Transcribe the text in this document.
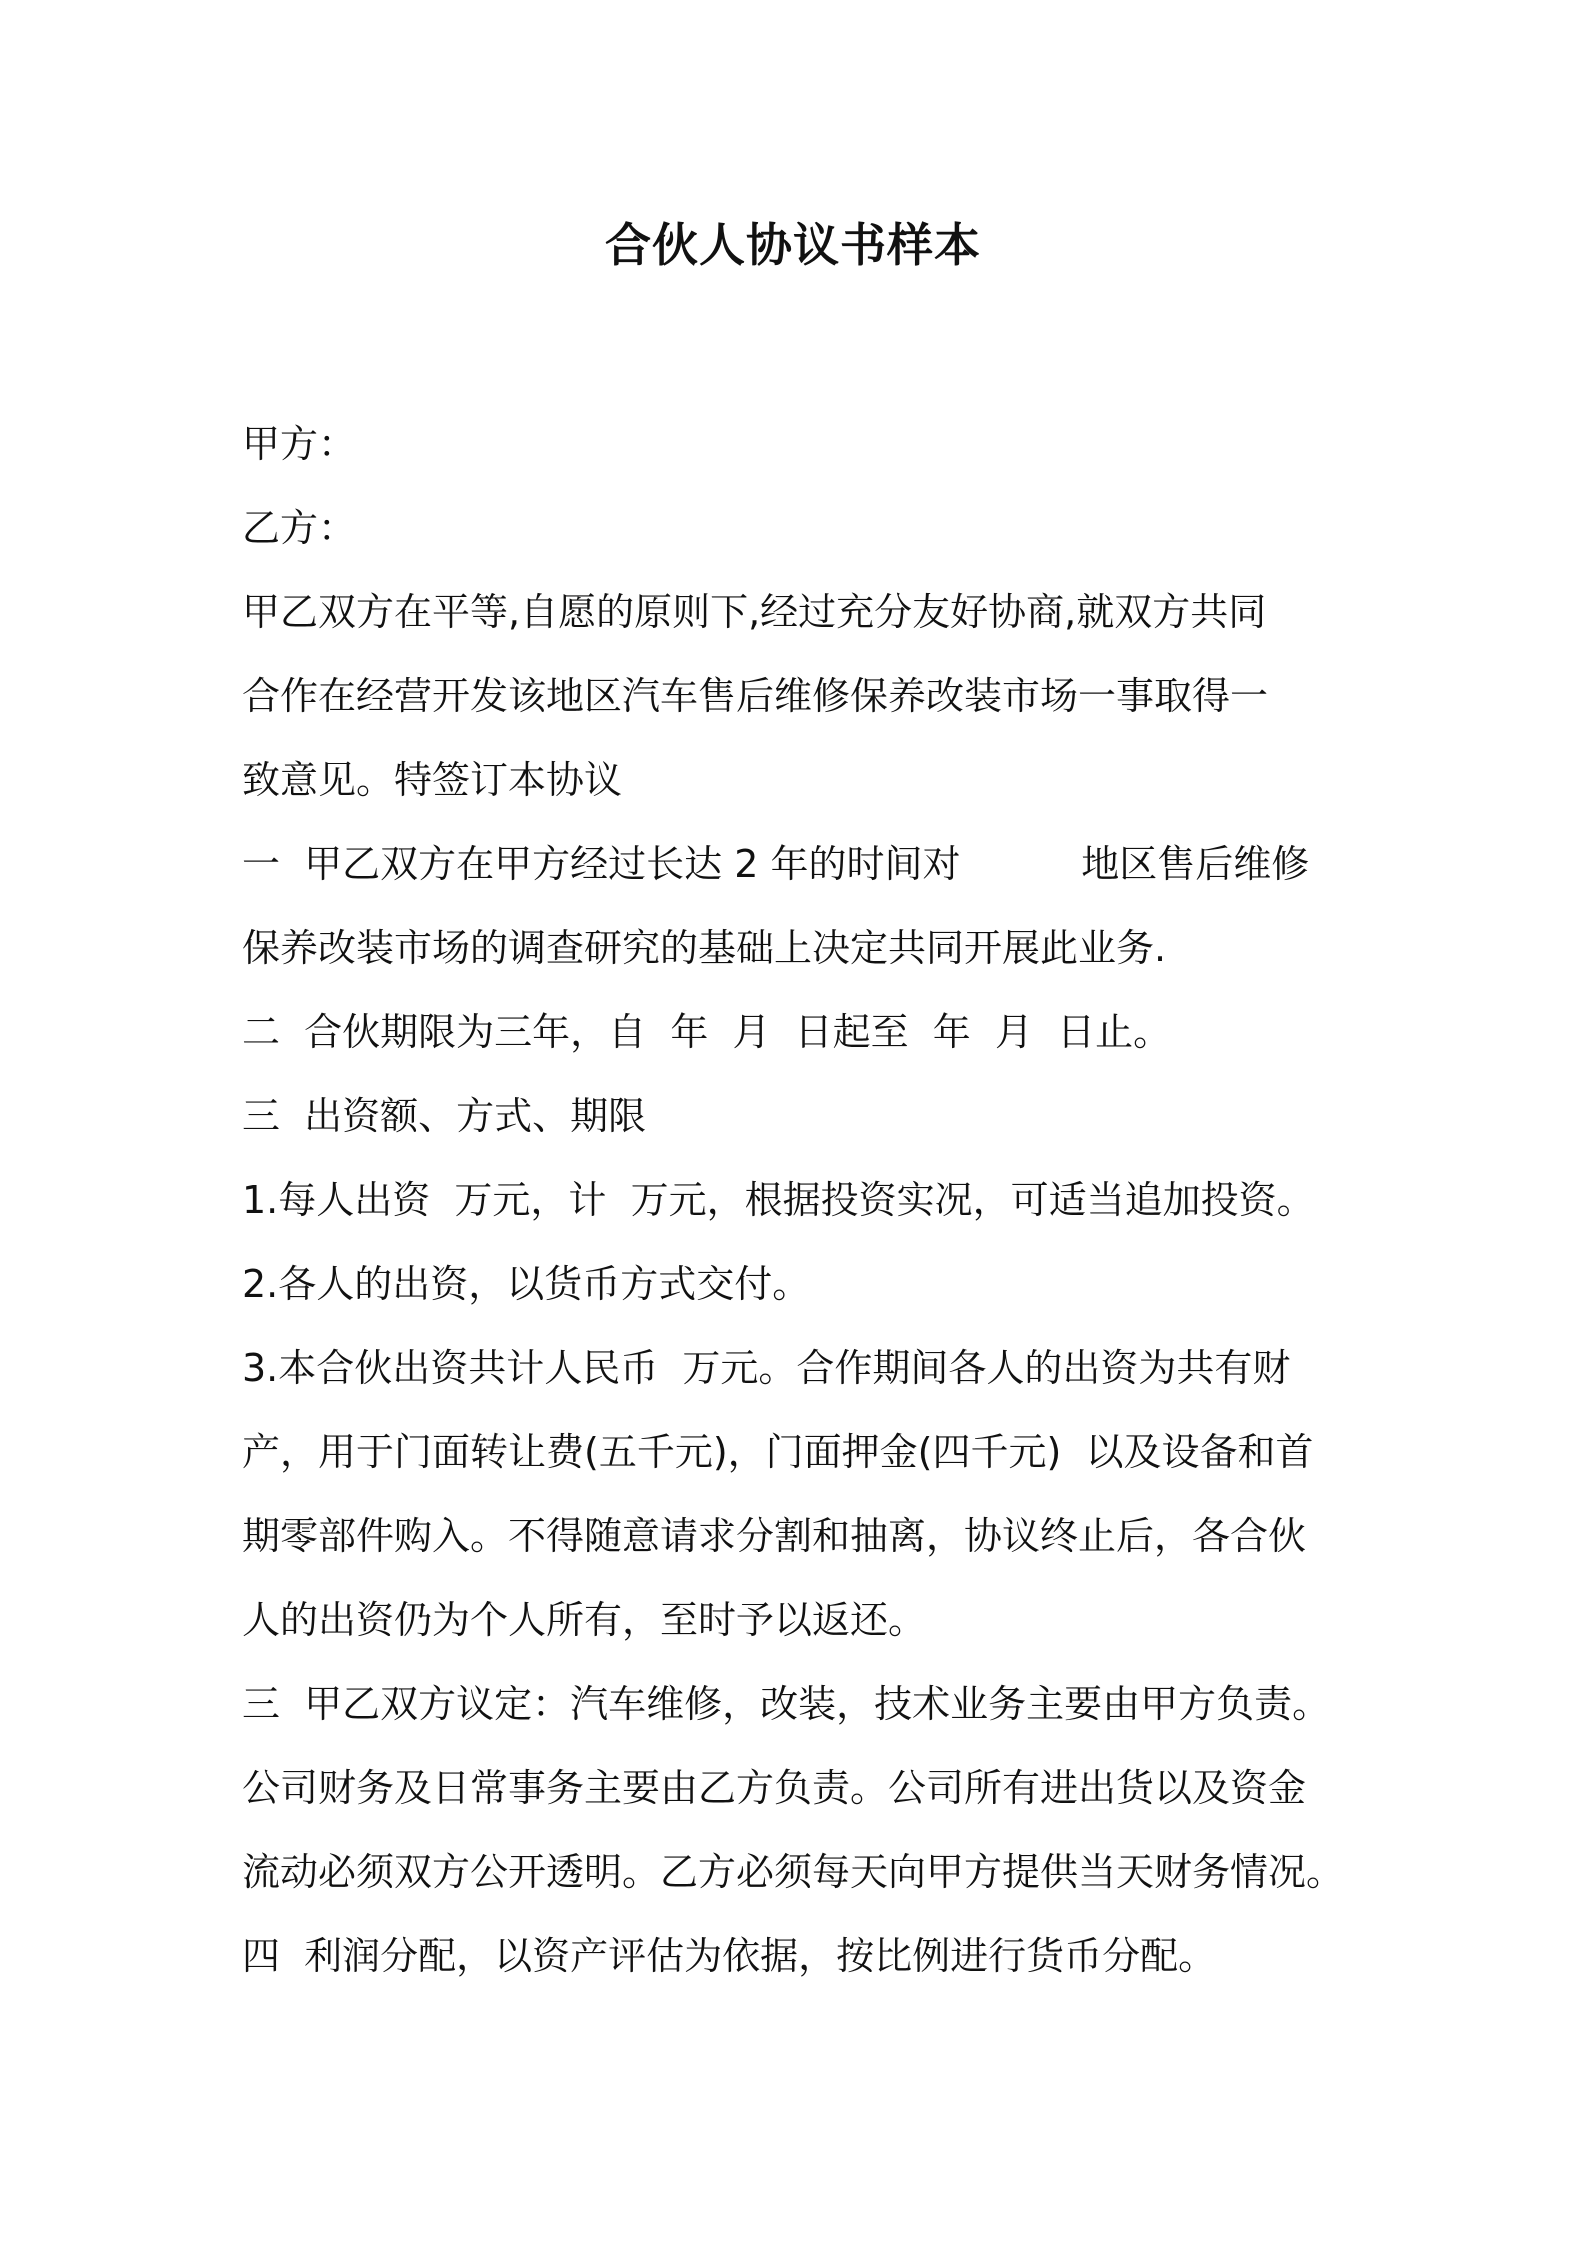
合伙人协议书样本
甲方：
乙方：
甲乙双方在平等,自愿的原则下,经过充分友好协商,就双方共同
合作在经营开发该地区汽车售后维修保养改装市场一事取得一
致意见。特签订本协议
一  甲乙双方在甲方经过长达 2 年的时间对          地区售后维修
保养改装市场的调查研究的基础上决定共同开展此业务.
二  合伙期限为三年，自  年  月  日起至  年  月  日止。
三  出资额、方式、期限
1.每人出资  万元，计  万元，根据投资实况，可适当追加投资。
2.各人的出资，以货币方式交付。
3.本合伙出资共计人民币  万元。合作期间各人的出资为共有财
产，用于门面转让费(五千元)，门面押金(四千元)  以及设备和首
期零部件购入。不得随意请求分割和抽离，协议终止后，各合伙
人的出资仍为个人所有，至时予以返还。
三  甲乙双方议定：汽车维修，改装，技术业务主要由甲方负责。
公司财务及日常事务主要由乙方负责。公司所有进出货以及资金
流动必须双方公开透明。乙方必须每天向甲方提供当天财务情况。
四  利润分配，以资产评估为依据，按比例进行货币分配。
